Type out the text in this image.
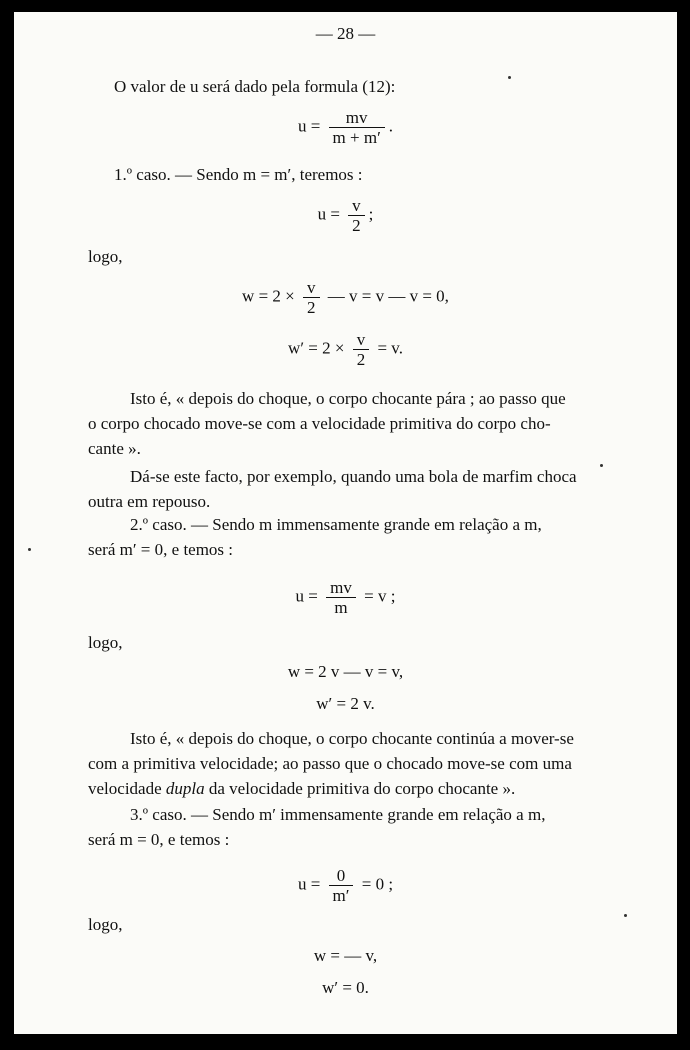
— 28 —
O valor de u será dado pela formula (12):
$u = \frac{mv}{m + m'}$ .
1.º caso. — Sendo m = m′, teremos :
$u = \frac{v}{2}$ ;
logo,
$w = 2 \times \frac{v}{2}$ — v = v — v = 0,
$w' = 2 \times \frac{v}{2} = v$.
Isto é, « depois do choque, o corpo chocante pára ; ao passo que
o corpo chocado move-se com a velocidade primitiva do corpo cho-
cante ».
Dá-se este facto, por exemplo, quando uma bola de marfim choca
outra em repouso.
2.º caso. — Sendo m immensamente grande em relação a m,
será m′ = 0, e temos :
$u = \frac{mv}{m} = v$ ;
logo,
w = 2 v — v = v,
w′ = 2 v.
Isto é, « depois do choque, o corpo chocante continúa a mover-se
com a primitiva velocidade; ao passo que o chocado move-se com uma
velocidade dupla da velocidade primitiva do corpo chocante ».
3.º caso. — Sendo m′ immensamente grande em relação a m,
será m = 0, e temos :
$u = \frac{0}{m'} = 0$ ;
logo,
w = — v,
w′ = 0.
